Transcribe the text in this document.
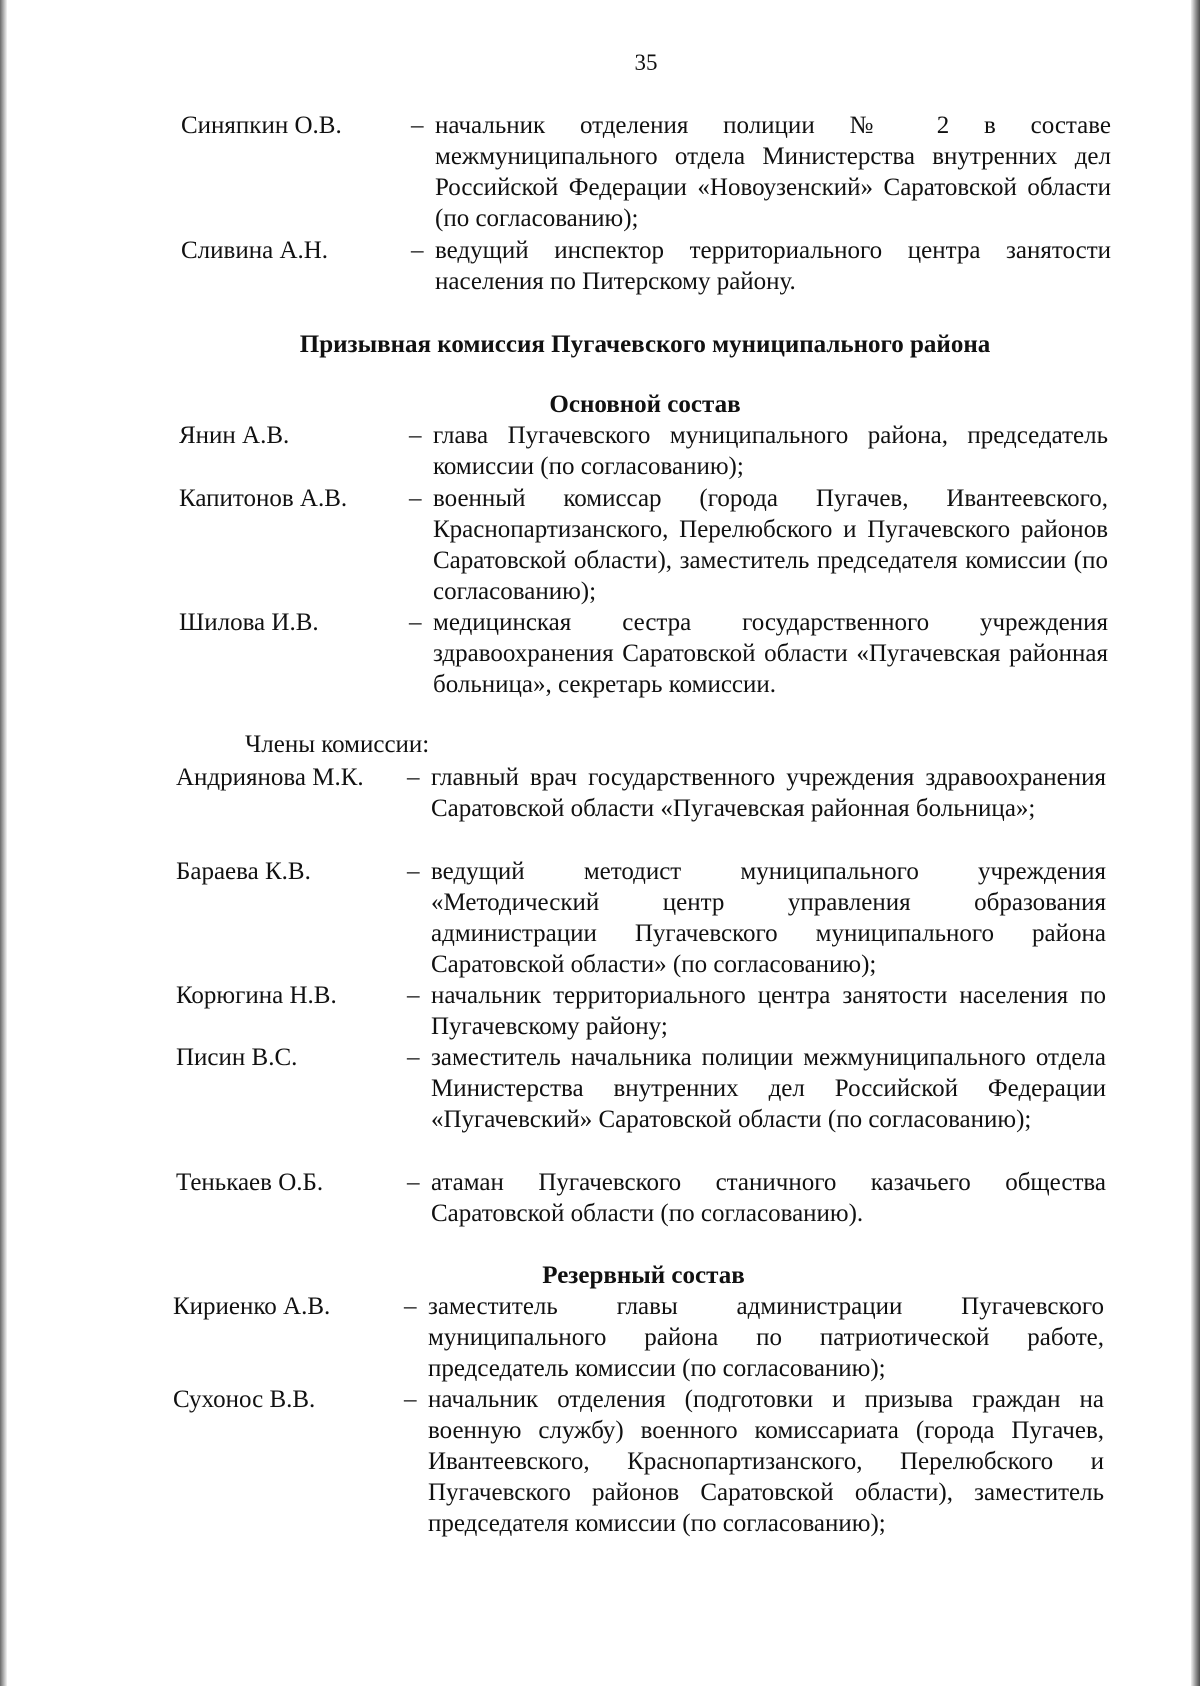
35
Синяпкин О.В.	– начальник отделения полиции № 2 в составе межмуниципального отдела Министерства внутренних дел Российской Федерации «Новоузенский» Саратовской области (по согласованию);
Сливина А.Н.	– ведущий инспектор территориального центра занятости населения по Питерскому району.
Призывная комиссия Пугачевского муниципального района
Основной состав
Янин А.В.	– глава Пугачевского муниципального района, председатель комиссии (по согласованию);
Капитонов А.В. – военный комиссар (города Пугачев, Ивантеевского, Краснопартизанского, Перелюбского и Пугачевского районов Саратовской области), заместитель председателя комиссии (по согласованию);
Шилова И.В.	– медицинская сестра государственного учреждения здравоохранения Саратовской области «Пугачевская районная больница», секретарь комиссии.
Члены комиссии:
Андриянова М.К. – главный врач государственного учреждения здравоохранения Саратовской области «Пугачевская районная больница»;
Бараева К.В.	– ведущий методист муниципального учреждения «Методический центр управления образования администрации Пугачевского муниципального района Саратовской области» (по согласованию);
Корюгина Н.В.	– начальник территориального центра занятости населения по Пугачевскому району;
Писин В.С.	– заместитель начальника полиции межмуниципального отдела Министерства внутренних дел Российской Федерации «Пугачевский» Саратовской области (по согласованию);
Тенькаев О.Б.	– атаман Пугачевского станичного казачьего общества Саратовской области (по согласованию).
Резервный состав
Кириенко А.В.	– заместитель главы администрации Пугачевского муниципального района по патриотической работе, председатель комиссии (по согласованию);
Сухонос В.В.	– начальник отделения (подготовки и призыва граждан на военную службу) военного комиссариата (города Пугачев, Ивантеевского, Краснопартизанского, Перелюбского и Пугачевского районов Саратовской области), заместитель председателя комиссии (по согласованию);
